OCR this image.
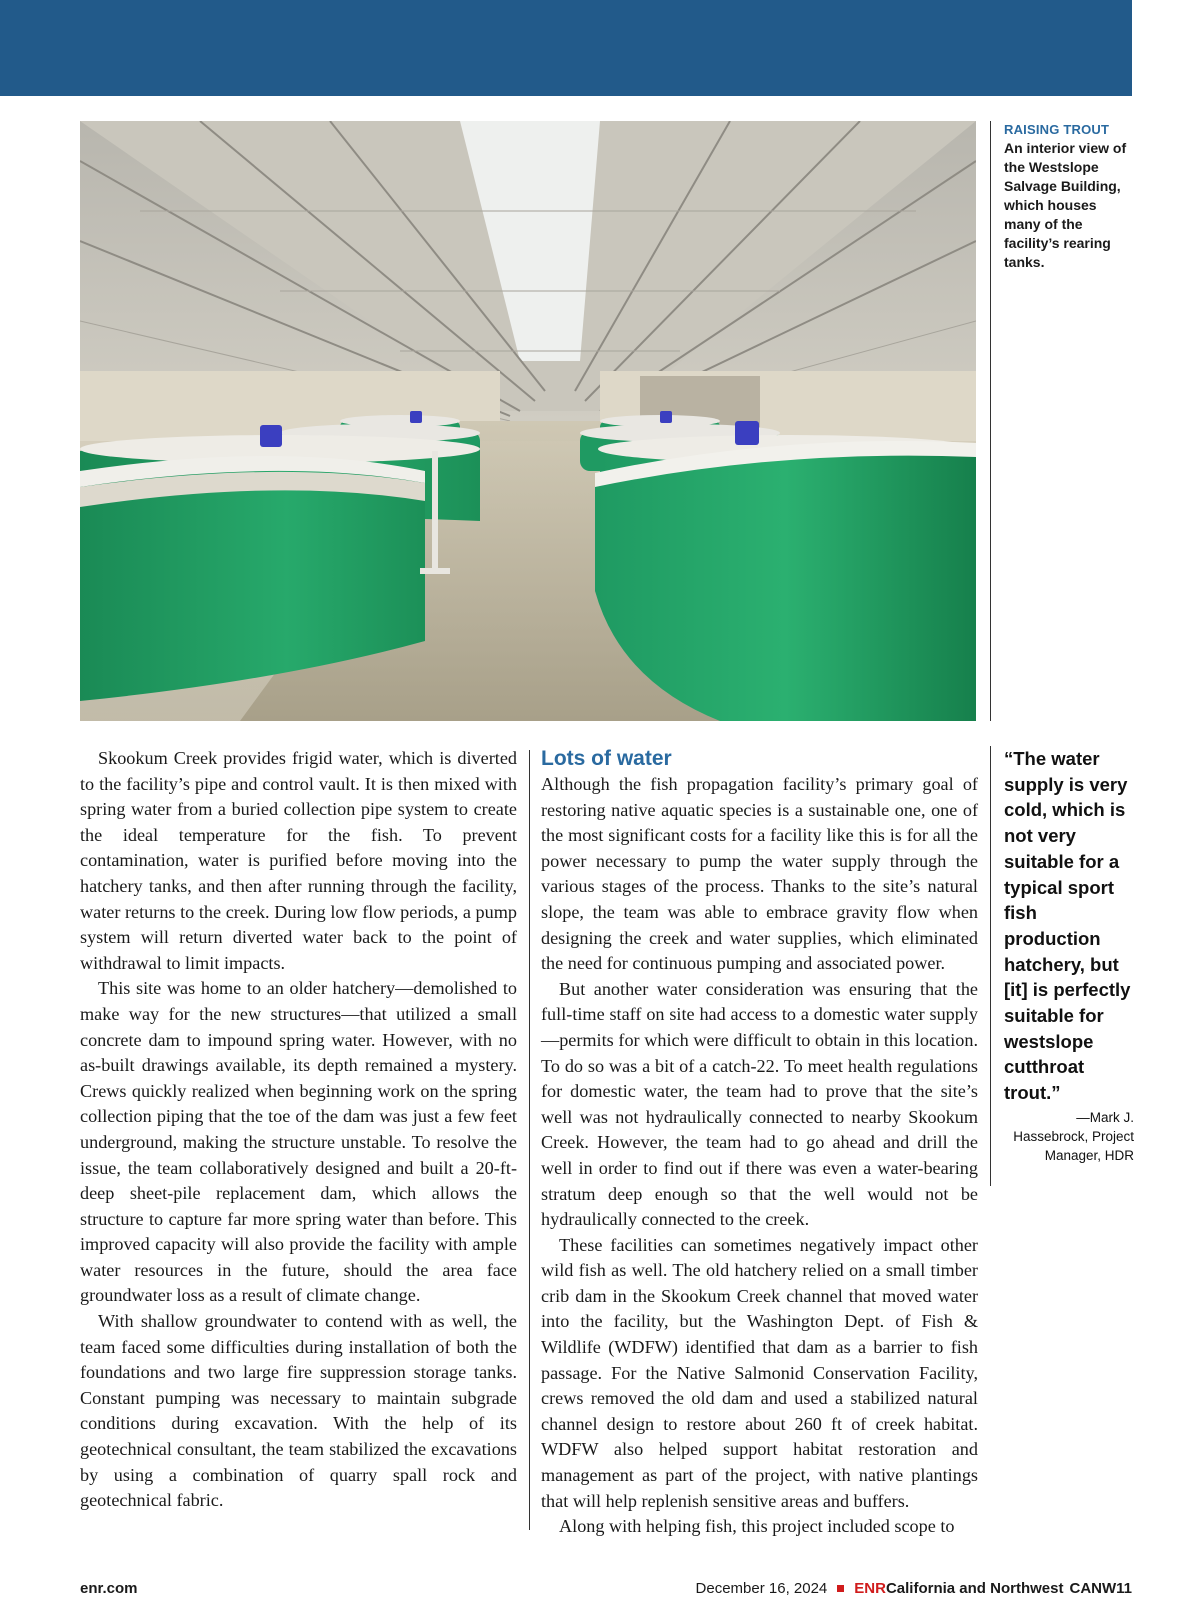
RAISING TROUT
An interior view of the Westslope Salvage Building, which houses many of the facility’s rearing tanks.

Skookum Creek provides frigid water, which is diverted to the facility’s pipe and control vault. It is then mixed with spring water from a buried collection pipe system to create the ideal temperature for the fish. To prevent contamination, water is purified before moving into the hatchery tanks, and then after running through the facility, water returns to the creek. During low flow periods, a pump system will return diverted water back to the point of withdrawal to limit impacts.

This site was home to an older hatchery—demolished to make way for the new structures—that utilized a small concrete dam to impound spring water. However, with no as-built drawings available, its depth remained a mystery. Crews quickly realized when beginning work on the spring collection piping that the toe of the dam was just a few feet underground, making the structure unstable. To resolve the issue, the team collaboratively designed and built a 20-ft-deep sheet-pile replacement dam, which allows the structure to capture far more spring water than before. This improved capacity will also provide the facility with ample water resources in the future, should the area face groundwater loss as a result of climate change.

With shallow groundwater to contend with as well, the team faced some difficulties during installation of both the foundations and two large fire suppression storage tanks. Constant pumping was necessary to maintain subgrade conditions during excavation. With the help of its geotechnical consultant, the team stabilized the excavations by using a combination of quarry spall rock and geotechnical fabric.

Lots of water

Although the fish propagation facility’s primary goal of restoring native aquatic species is a sustainable one, one of the most significant costs for a facility like this is for all the power necessary to pump the water supply through the various stages of the process. Thanks to the site’s natural slope, the team was able to embrace gravity flow when designing the creek and water supplies, which eliminated the need for continuous pumping and associated power.

But another water consideration was ensuring that the full-time staff on site had access to a domestic water supply—permits for which were difficult to obtain in this location. To do so was a bit of a catch-22. To meet health regulations for domestic water, the team had to prove that the site’s well was not hydraulically connected to nearby Skookum Creek. However, the team had to go ahead and drill the well in order to find out if there was even a water-bearing stratum deep enough so that the well would not be hydraulically connected to the creek.

These facilities can sometimes negatively impact other wild fish as well. The old hatchery relied on a small timber crib dam in the Skookum Creek channel that moved water into the facility, but the Washington Dept. of Fish & Wildlife (WDFW) identified that dam as a barrier to fish passage. For the Native Salmonid Conservation Facility, crews removed the old dam and used a stabilized natural channel design to restore about 260 ft of creek habitat. WDFW also helped support habitat restoration and management as part of the project, with native plantings that will help replenish sensitive areas and buffers.

Along with helping fish, this project included scope to

“The water supply is very cold, which is not very suitable for a typical sport fish production hatchery, but [it] is perfectly suitable for westslope cutthroat trout.”
—Mark J. Hassebrock, Project Manager, HDR
enr.com	December 16, 2024 ENR California and Northwest CANW11
